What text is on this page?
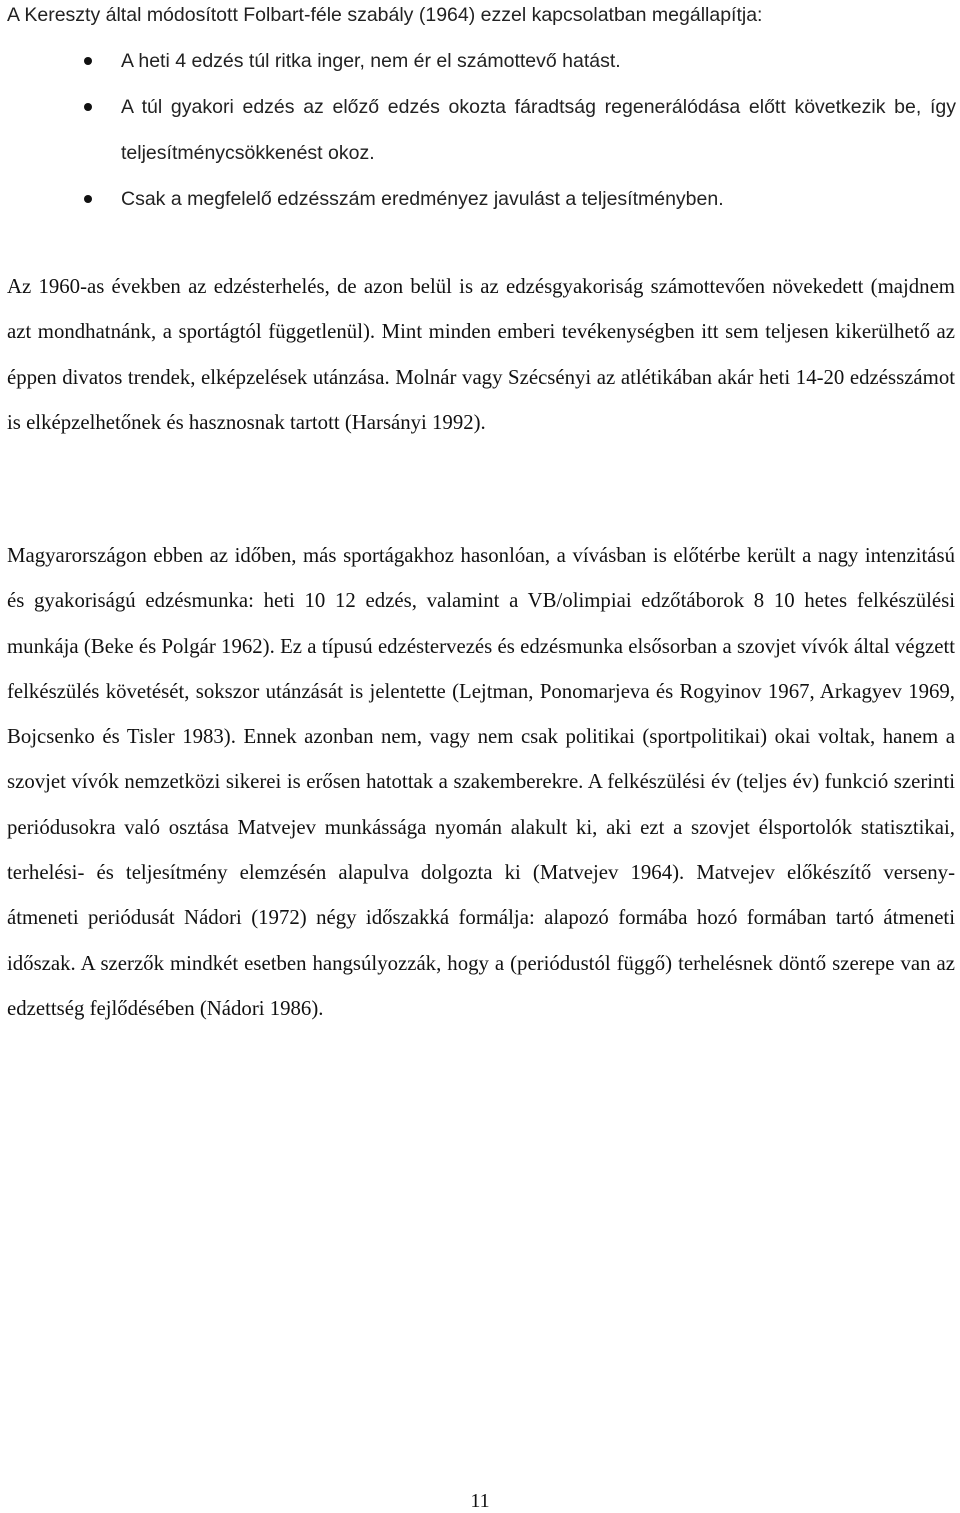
A Kereszty által módosított Folbart-féle szabály (1964) ezzel kapcsolatban megállapítja:
A heti 4 edzés túl ritka inger, nem ér el számottevő hatást.
A túl gyakori edzés az előző edzés okozta fáradtság regenerálódása előtt következik be, így teljesítménycsökkenést okoz.
Csak a megfelelő edzésszám eredményez javulást a teljesítményben.

Az 1960-as években az edzésterhelés, de azon belül is az edzésgyakoriság számottevően növekedett (majdnem azt mondhatnánk, a sportágtól függetlenül). Mint minden emberi tevékenységben itt sem teljesen kikerülhető az éppen divatos trendek, elképzelések utánzása. Molnár vagy Szécsényi az atlétikában akár heti 14-20 edzésszámot is elképzelhetőnek és hasznosnak tartott (Harsányi 1992).

Magyarországon ebben az időben, más sportágakhoz hasonlóan, a vívásban is előtérbe került a nagy intenzitású és gyakoriságú edzésmunka: heti 10 12 edzés, valamint a VB/olimpiai edzőtáborok 8 10 hetes felkészülési munkája (Beke és Polgár 1962). Ez a típusú edzéstervezés és edzésmunka elsősorban a szovjet vívók által végzett felkészülés követését, sokszor utánzását is jelentette (Lejtman, Ponomarjeva és Rogyinov 1967, Arkagyev 1969, Bojcsenko és Tisler 1983). Ennek azonban nem, vagy nem csak politikai (sportpolitikai) okai voltak, hanem a szovjet vívók nemzetközi sikerei is erősen hatottak a szakemberekre. A felkészülési év (teljes év) funkció szerinti periódusokra való osztása Matvejev munkássága nyomán alakult ki, aki ezt a szovjet élsportolók statisztikai, terhelési- és teljesítmény elemzésén alapulva dolgozta ki (Matvejev 1964). Matvejev előkészítő verseny- átmeneti periódusát Nádori (1972) négy időszakká formálja: alapozó formába hozó formában tartó átmeneti időszak. A szerzők mindkét esetben hangsúlyozzák, hogy a (periódustól függő) terhelésnek döntő szerepe van az edzettség fejlődésében (Nádori 1986).

11
